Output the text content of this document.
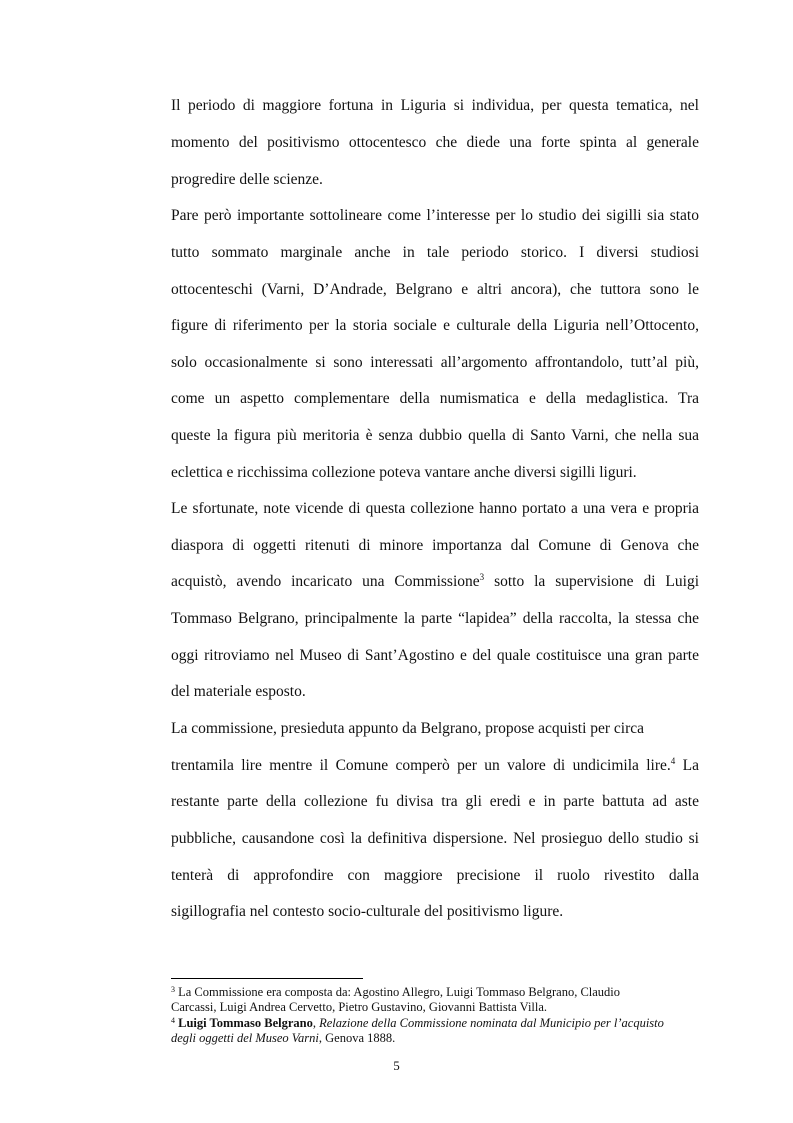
Il periodo di maggiore fortuna in Liguria si individua, per questa tematica, nel
momento del positivismo ottocentesco che diede una forte spinta al generale
progredire delle scienze.
Pare però importante sottolineare come l’interesse per lo studio dei sigilli sia stato
tutto sommato marginale anche in tale periodo storico. I diversi studiosi
ottocenteschi (Varni, D’Andrade, Belgrano e altri ancora), che tuttora sono le
figure di riferimento per la storia sociale e culturale della Liguria nell’Ottocento,
solo occasionalmente si sono interessati all’argomento affrontandolo, tutt’al più,
come un aspetto complementare della numismatica e della medaglistica. Tra
queste la figura più meritoria è senza dubbio quella di Santo Varni, che nella sua
eclettica e ricchissima collezione poteva vantare anche diversi sigilli liguri.
Le sfortunate, note vicende di questa collezione hanno portato a una vera e propria
diaspora di oggetti ritenuti di minore importanza dal Comune di Genova che
acquistò, avendo incaricato una Commissione$^3$ sotto la supervisione di Luigi
Tommaso Belgrano, principalmente la parte “lapidea” della raccolta, la stessa che
oggi ritroviamo nel Museo di Sant’Agostino e del quale costituisce una gran parte
del materiale esposto.
La commissione, presieduta appunto da Belgrano, propose acquisti per circa
trentamila lire mentre il Comune comperò per un valore di undicimila lire.$^4$ La
restante parte della collezione fu divisa tra gli eredi e in parte battuta ad aste
pubbliche, causandone così la definitiva dispersione. Nel prosieguo dello studio si
tenterà di approfondire con maggiore precisione il ruolo rivestito dalla
sigillografia nel contesto socio-culturale del positivismo ligure.
$^3$ La Commissione era composta da: Agostino Allegro, Luigi Tommaso Belgrano, Claudio
Carcassi, Luigi Andrea Cervetto, Pietro Gustavino, Giovanni Battista Villa.
$^4$ Luigi Tommaso Belgrano, Relazione della Commissione nominata dal Municipio per l’acquisto
degli oggetti del Museo Varni, Genova 1888.
5
